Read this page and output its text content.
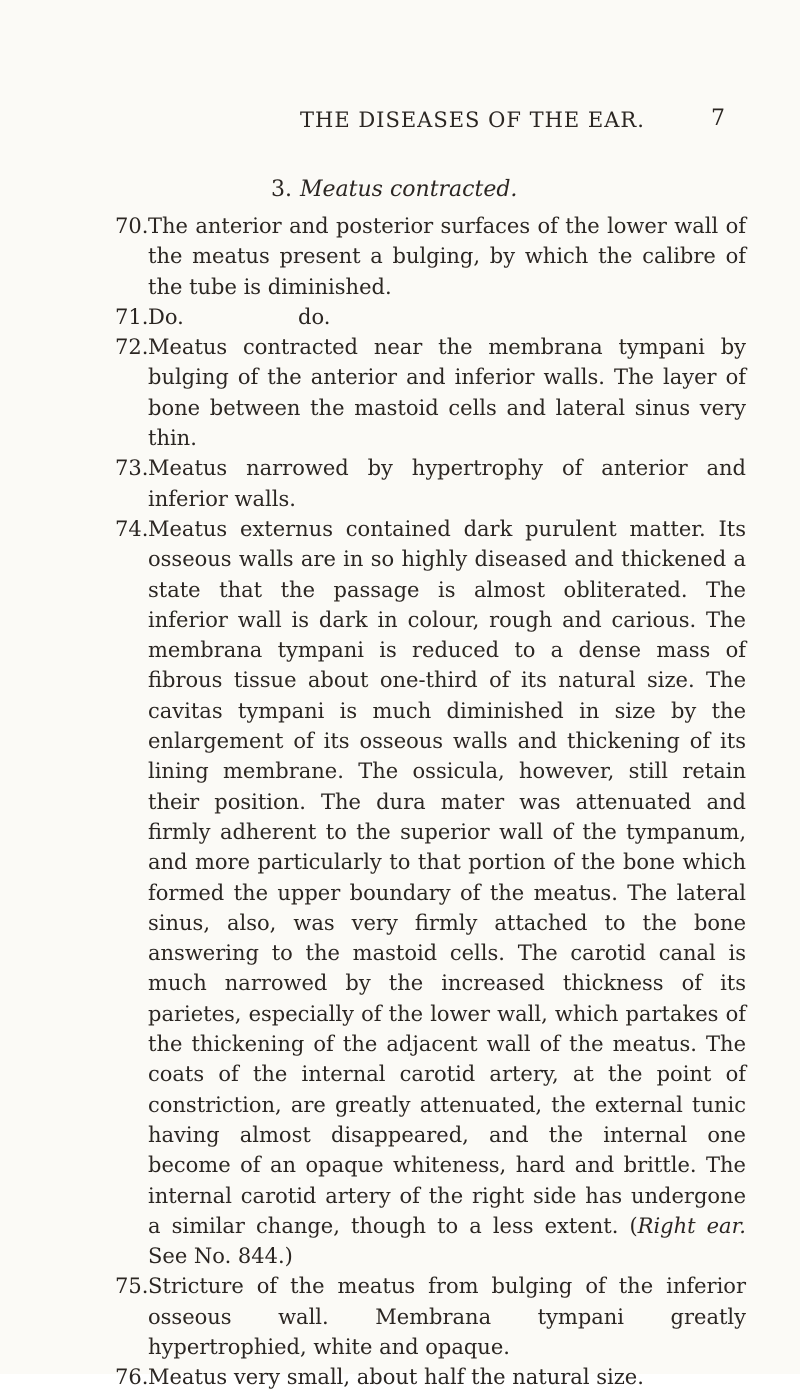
THE DISEASES OF THE EAR.	7
3. Meatus contracted.
70. The anterior and posterior surfaces of the lower wall of the meatus present a bulging, by which the calibre of the tube is diminished.
71. Do.	do.
72. Meatus contracted near the membrana tympani by bulging of the anterior and inferior walls. The layer of bone between the mastoid cells and lateral sinus very thin.
73. Meatus narrowed by hypertrophy of anterior and inferior walls.
74. Meatus externus contained dark purulent matter. Its osseous walls are in so highly diseased and thickened a state that the passage is almost obliterated. The inferior wall is dark in colour, rough and carious. The membrana tympani is reduced to a dense mass of fibrous tissue about one-third of its natural size. The cavitas tympani is much diminished in size by the enlargement of its osseous walls and thickening of its lining membrane. The ossicula, however, still retain their position. The dura mater was attenuated and firmly adherent to the superior wall of the tympanum, and more particularly to that portion of the bone which formed the upper boundary of the meatus. The lateral sinus, also, was very firmly attached to the bone answering to the mastoid cells. The carotid canal is much narrowed by the increased thickness of its parietes, especially of the lower wall, which partakes of the thickening of the adjacent wall of the meatus. The coats of the internal carotid artery, at the point of constriction, are greatly attenuated, the external tunic having almost disappeared, and the internal one become of an opaque whiteness, hard and brittle. The internal carotid artery of the right side has undergone a similar change, though to a less extent. (Right ear. See No. 844.)
75. Stricture of the meatus from bulging of the inferior osseous wall. Membrana tympani greatly hypertrophied, white and opaque.
76. Meatus very small, about half the natural size.
